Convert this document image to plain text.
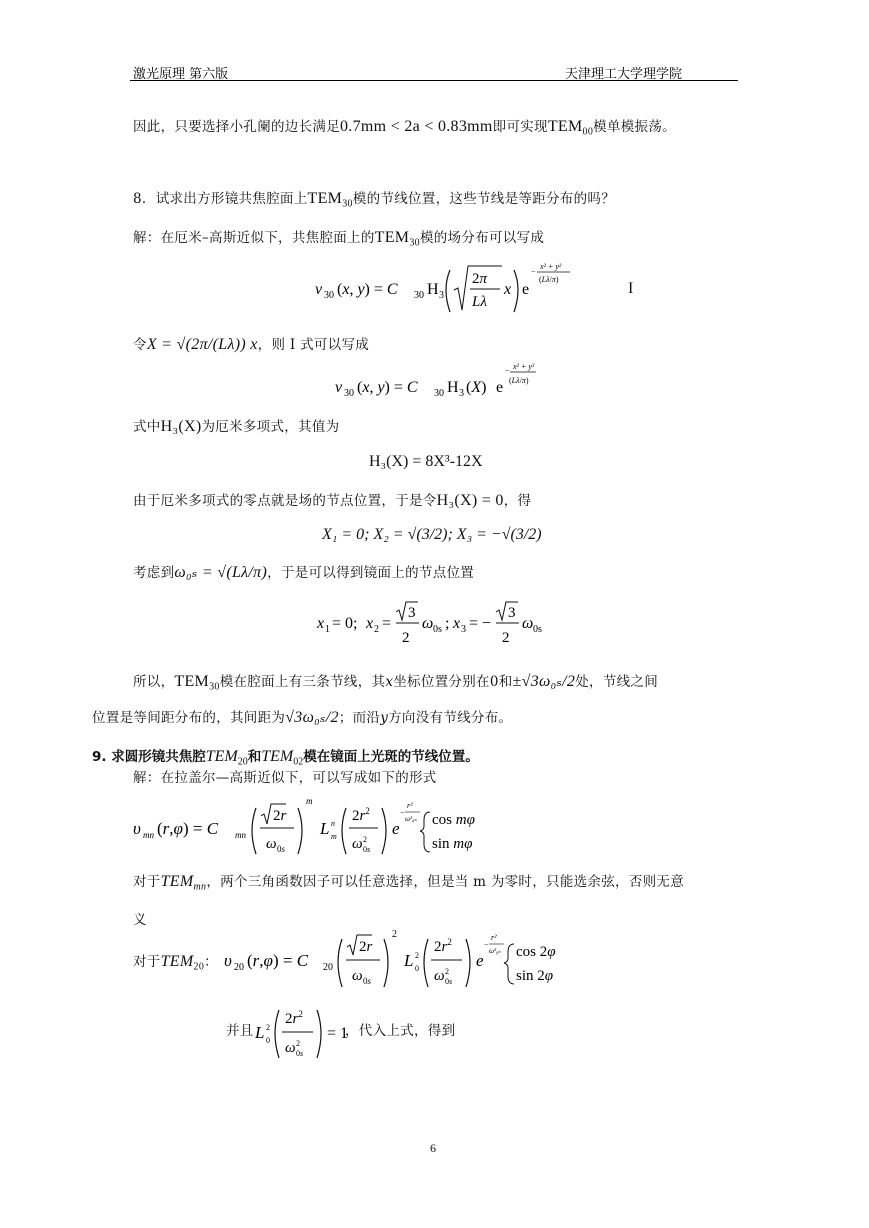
激光原理 第六版	天津理工大学理学院
因此，只要选择小孔阑的边长满足0.7mm < 2a < 0.83mm即可实现$TEM_{00}$模单模振荡。
8．试求出方形镜共焦腔面上$TEM_{30}$模的节线位置，这些节线是等距分布的吗？
解：在厄米–高斯近似下，共焦腔面上的$TEM_{30}$模的场分布可以写成
v 30 (x, y) = C 30 H 3
2π
Lλ
x e
−
x² + y²
(Lλ/π)
I
令X = √(2π/(Lλ)) x，则 I 式可以写成
v 30 (x, y) = C 30 H 3 (X) e
− x² + y²
(Lλ/π)
式中H₃(X)为厄米多项式，其值为
H₃(X) = 8X³-12X
由于厄米多项式的零点就是场的节点位置，于是令H₃(X) = 0，得
X₁ = 0; X₂ = √(3/2); X₃ = −√(3/2)
考虑到ω₀ₛ = √(Lλ/π)，于是可以得到镜面上的节点位置
x 1 = 0; x 2 =
3
2
ω 0s ; x 3 = −
3
2
ω 0s
所以，$TEM_{30}$模在腔面上有三条节线，其x坐标位置分别在0和±√3ω₀ₛ/2处，节线之间
位置是等间距分布的，其间距为√3ω₀ₛ/2；而沿y方向没有节线分布。
9. 求圆形镜共焦腔$TEM_{20}$和$TEM_{02}$模在镜面上光斑的节线位置。
解：在拉盖尔—高斯近似下，可以写成如下的形式
υ mn (r,φ) = C mn
2r
ω 0s
m
L n
m
$2r^2$
ω 2
0s
e
−
r²
ω²₀ₛ cos mφ
sin mφ
对于$TEM_{mn}$，两个三角函数因子可以任意选择，但是当 m 为零时，只能选余弦，否则无意
义
对于$TEM_{20}$： υ 20 (r,φ) = C 20
2r
ω 0s
2
L 2
0
$2r^2$
ω 2
0s
e
−
r²
ω²₀ₛ cos 2φ
sin 2φ
并且 L 2
0
$2r^2$
ω 2
0s
= 1
，代入上式，得到
6
